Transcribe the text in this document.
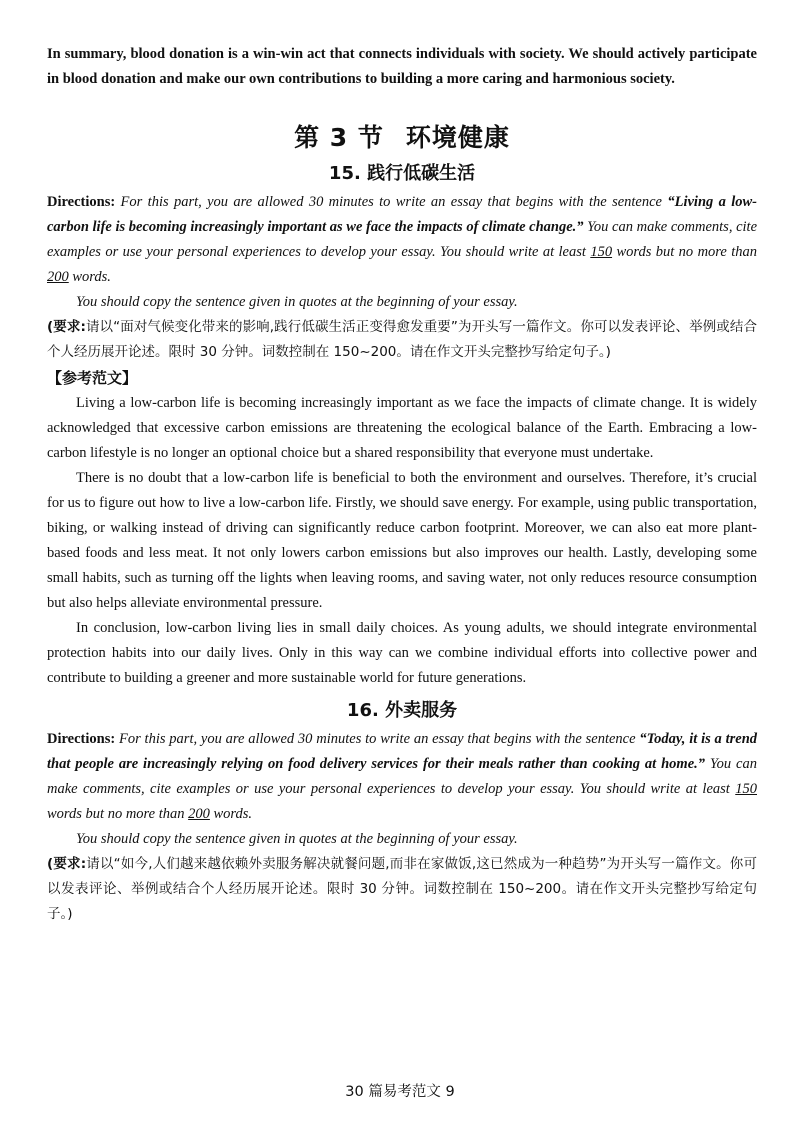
In summary, blood donation is a win-win act that connects individuals with society. We should actively participate in blood donation and make our own contributions to building a more caring and harmonious society.

第 3 节 环境健康
15. 践行低碳生活

Directions: For this part, you are allowed 30 minutes to write an essay that begins with the sentence “Living a low-carbon life is becoming increasingly important as we face the impacts of climate change.” You can make comments, cite examples or use your personal experiences to develop your essay. You should write at least 150 words but no more than 200 words.

You should copy the sentence given in quotes at the beginning of your essay.

(要求:请以“面对气候变化带来的影响,践行低碳生活正变得愈发重要”为开头写一篇作文。你可以发表评论、举例或结合个人经历展开论述。限时 30 分钟。词数控制在 150~200。请在作文开头完整抄写给定句子。)

【参考范文】

Living a low-carbon life is becoming increasingly important as we face the impacts of climate change. It is widely acknowledged that excessive carbon emissions are threatening the ecological balance of the Earth. Embracing a low-carbon lifestyle is no longer an optional choice but a shared responsibility that everyone must undertake.

There is no doubt that a low-carbon life is beneficial to both the environment and ourselves. Therefore, it’s crucial for us to figure out how to live a low-carbon life. Firstly, we should save energy. For example, using public transportation, biking, or walking instead of driving can significantly reduce carbon footprint. Moreover, we can also eat more plant-based foods and less meat. It not only lowers carbon emissions but also improves our health. Lastly, developing some small habits, such as turning off the lights when leaving rooms, and saving water, not only reduces resource consumption but also helps alleviate environmental pressure.

In conclusion, low-carbon living lies in small daily choices. As young adults, we should integrate environmental protection habits into our daily lives. Only in this way can we combine individual efforts into collective power and contribute to building a greener and more sustainable world for future generations.

16. 外卖服务

Directions: For this part, you are allowed 30 minutes to write an essay that begins with the sentence “Today, it is a trend that people are increasingly relying on food delivery services for their meals rather than cooking at home.” You can make comments, cite examples or use your personal experiences to develop your essay. You should write at least 150 words but no more than 200 words.

You should copy the sentence given in quotes at the beginning of your essay.

(要求:请以“如今,人们越来越依赖外卖服务解决就餐问题,而非在家做饭,这已然成为一种趋势”为开头写一篇作文。你可以发表评论、举例或结合个人经历展开论述。限时 30 分钟。词数控制在 150~200。请在作文开头完整抄写给定句子。)

30 篇易考范文 9
